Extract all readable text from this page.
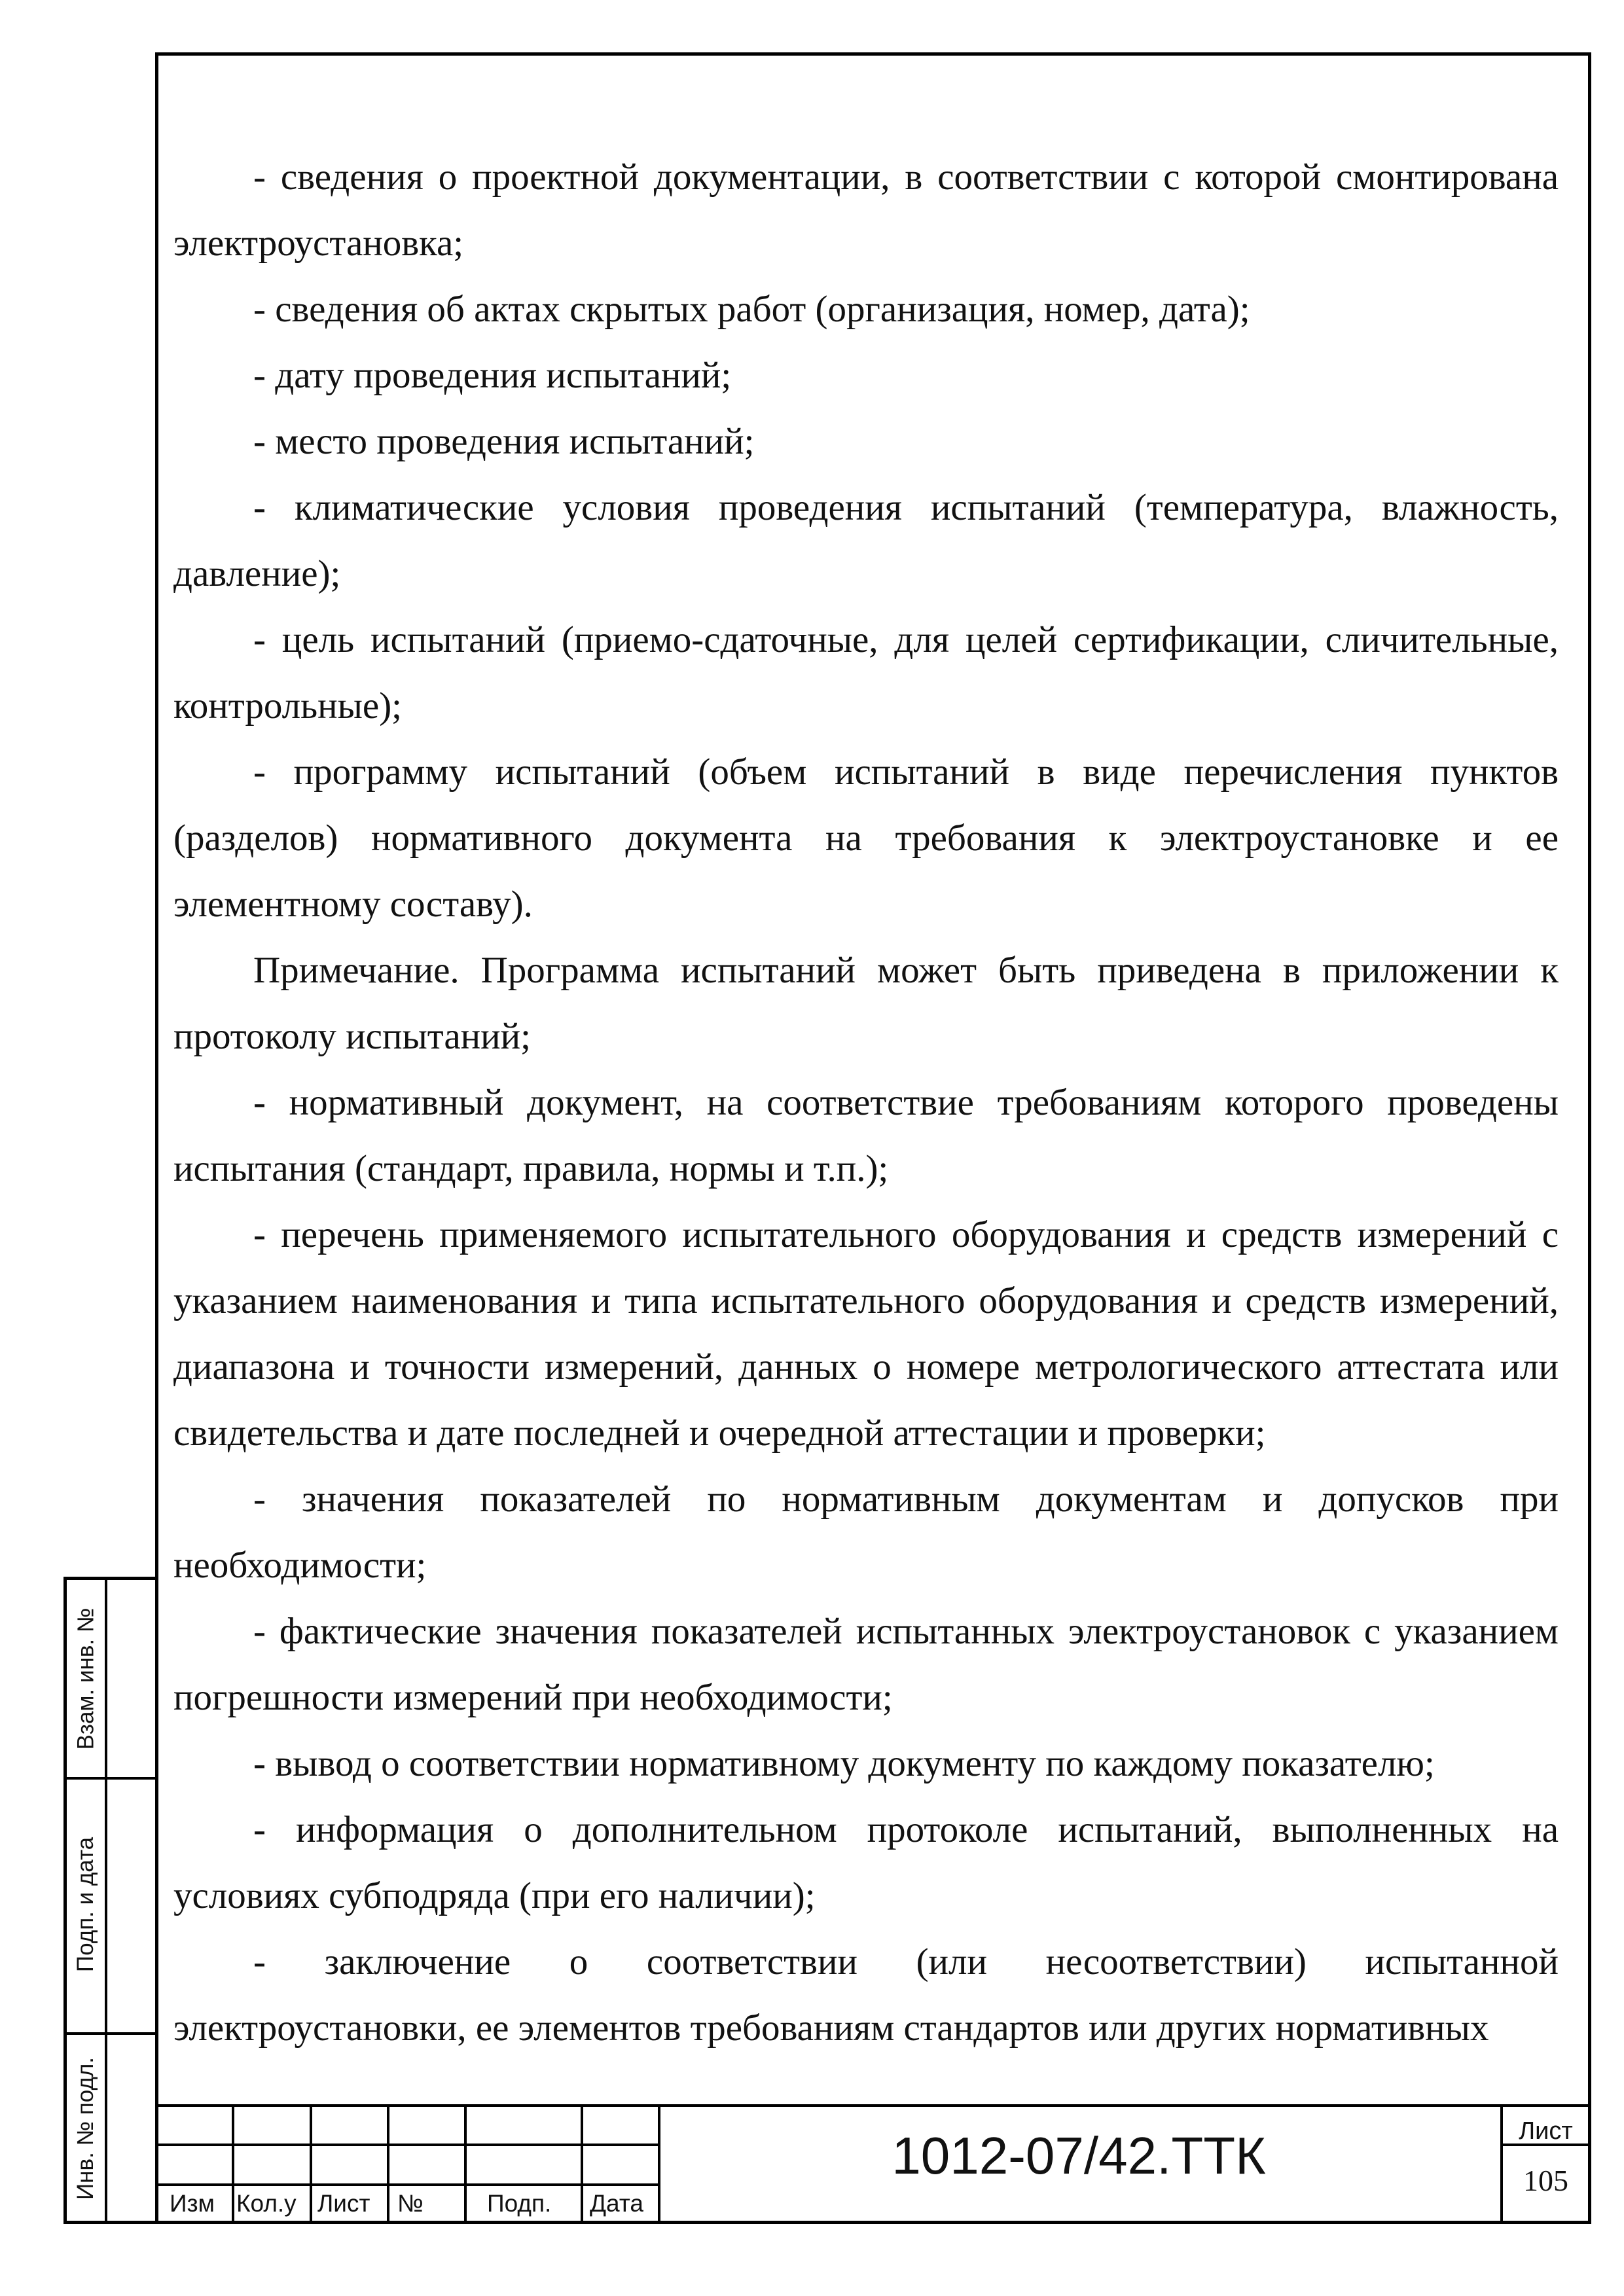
- сведения о проектной документации, в соответствии с которой смонтирована электроустановка;

- сведения об актах скрытых работ (организация, номер, дата);

- дату проведения испытаний;

- место проведения испытаний;

- климатические условия проведения испытаний (температура, влажность, давление);

- цель испытаний (приемо-сдаточные, для целей сертификации, сличительные, контрольные);

- программу испытаний (объем испытаний в виде перечисления пунктов (разделов) нормативного документа на требования к электроустановке и ее элементному составу).

Примечание. Программа испытаний может быть приведена в приложении к протоколу испытаний;

- нормативный документ, на соответствие требованиям которого проведены испытания (стандарт, правила, нормы и т.п.);

- перечень применяемого испытательного оборудования и средств измерений с указанием наименования и типа испытательного оборудования и средств измерений, диапазона и точности измерений, данных о номере метрологического аттестата или свидетельства и дате последней и очередной аттестации и проверки;

- значения показателей по нормативным документам и допусков при необходимости;

- фактические значения показателей испытанных электроустановок с указанием погрешности измерений при необходимости;

- вывод о соответствии нормативному документу по каждому показателю;

- информация о дополнительном протоколе испытаний, выполненных на условиях субподряда (при его наличии);

- заключение о соответствии (или несоответствии) испытанной электроустановки, ее элементов требованиям стандартов или других нормативных

Взам. инв. №
Подп. и дата
Инв. № подл.
Изм Кол.у Лист №	Подп. Дата
1012-07/42.ТТК	Лист
105
